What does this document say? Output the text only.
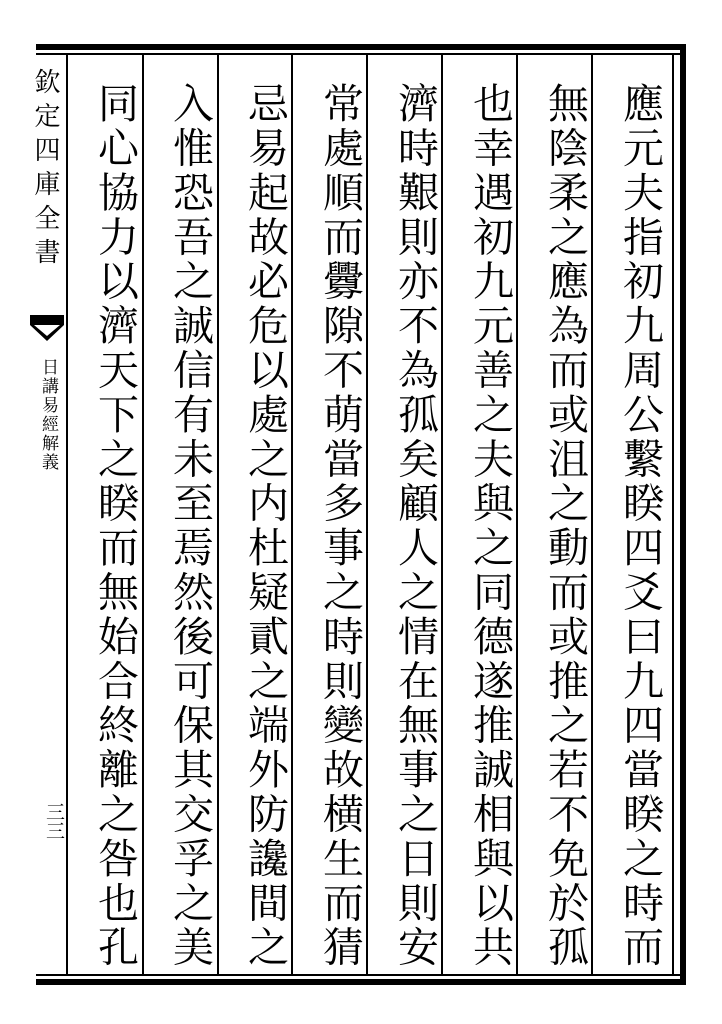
欽定四庫全書
日講易經解義
三三	應元夫指初九周公繫睽四爻曰九四當睽之時而
無陰柔之應為而或沮之動而或推之若不免於孤
也幸遇初九元善之夫與之同德遂推誠相與以共
濟時艱則亦不為孤矣顧人之情在無事之日則安
常處順而釁隙不萌當多事之時則變故横生而猜
忌易起故必危以處之内杜疑貳之端外防讒間之
入惟恐吾之誠信有未至焉然後可保其交孚之美
同心協力以濟天下之睽而無始合終離之咎也孔
